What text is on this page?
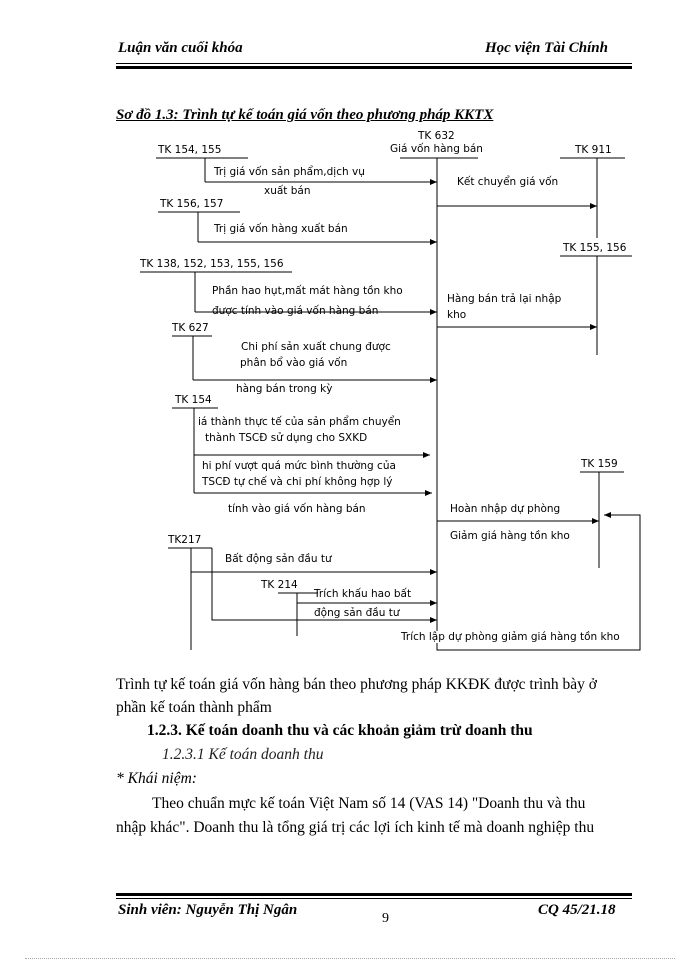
Luận văn cuối khóa	Học viện Tài Chính
Sơ đồ 1.3: Trình tự kế toán giá vốn theo phương pháp KKTX
TK 632
Giá vốn hàng bán
TK 154, 155	TK 911
TK 156, 157
TK 155, 156
TK 138, 152, 153, 155, 156
TK 627
TK 154
TK 159
TK217
TK 214
Trị giá vốn sản phẩm,dịch vụ
xuất bán
Kết chuyển giá vốn
Trị giá vốn hàng xuất bán
Phần hao hụt,mất mát hàng tồn kho
được tính vào giá vốn hàng bán
Hàng bán trả lại nhập
kho
Chi phí sản xuất chung được
phân bổ vào giá vốn
hàng bán trong kỳ
iá thành thực tế của sản phẩm chuyển
thành TSCĐ sử dụng cho SXKD
hi phí vượt quá mức bình thường của
TSCĐ tự chế và chi phí không hợp lý
tính vào giá vốn hàng bán	Hoàn nhập dự phòng
Giảm giá hàng tồn kho
Bất động sản đầu tư
Trích khấu hao bất
động sản đầu tư
Trích lập dự phòng giảm giá hàng tồn kho
Trình tự kế toán giá vốn hàng bán theo phương pháp KKĐK được trình bày ở
phần kế toán thành phẩm
1.2.3. Kế toán doanh thu và các khoản giảm trừ doanh thu
1.2.3.1 Kế toán doanh thu
* Khái niệm:
Theo chuẩn mực kế toán Việt Nam số 14 (VAS 14) "Doanh thu và thu
nhập khác". Doanh thu là tổng giá trị các lợi ích kinh tế mà doanh nghiệp thu
Sinh viên: Nguyễn Thị Ngân
9
CQ 45/21.18
